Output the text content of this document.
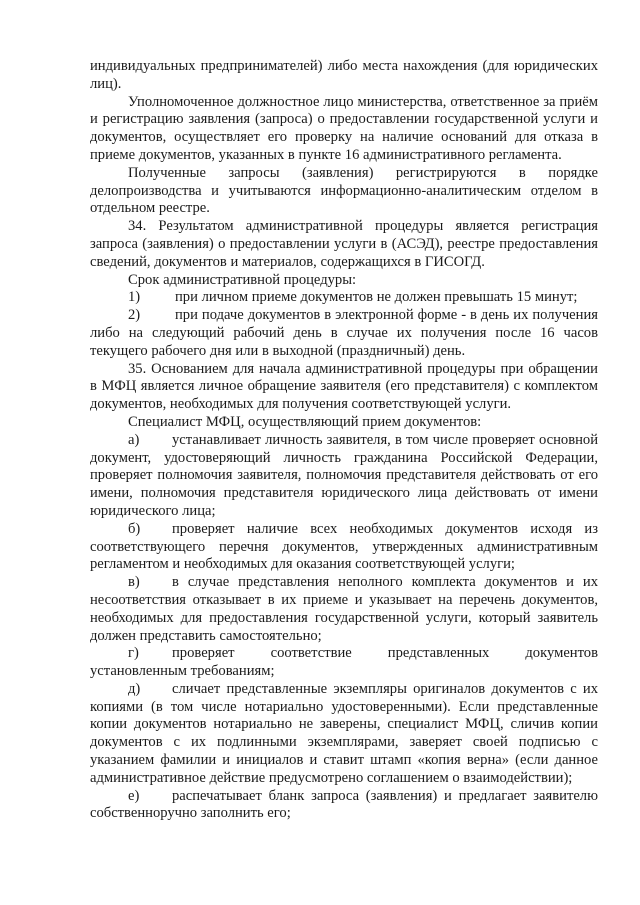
индивидуальных предпринимателей) либо места нахождения (для юридических лиц).

Уполномоченное должностное лицо министерства, ответственное за приём и регистрацию заявления (запроса) о предоставлении государственной услуги и документов, осуществляет его проверку на наличие оснований для отказа в приеме документов, указанных в пункте 16 административного регламента.

Полученные запросы (заявления) регистрируются в порядке делопроизводства и учитываются информационно-аналитическим отделом в отдельном реестре.

34. Результатом административной процедуры является регистрация запроса (заявления) о предоставлении услуги в (АСЭД), реестре предоставления сведений, документов и материалов, содержащихся в ГИСОГД.

Срок административной процедуры:

1) при личном приеме документов не должен превышать 15 минут;

2) при подаче документов в электронной форме - в день их получения либо на следующий рабочий день в случае их получения после 16 часов текущего рабочего дня или в выходной (праздничный) день.

35. Основанием для начала административной процедуры при обращении в МФЦ является личное обращение заявителя (его представителя) с комплектом документов, необходимых для получения соответствующей услуги.

Специалист МФЦ, осуществляющий прием документов:

а) устанавливает личность заявителя, в том числе проверяет основной документ, удостоверяющий личность гражданина Российской Федерации, проверяет полномочия заявителя, полномочия представителя действовать от его имени, полномочия представителя юридического лица действовать от имени юридического лица;

б) проверяет наличие всех необходимых документов исходя из соответствующего перечня документов, утвержденных административным регламентом и необходимых для оказания соответствующей услуги;

в) в случае представления неполного комплекта документов и их несоответствия отказывает в их приеме и указывает на перечень документов, необходимых для предоставления государственной услуги, который заявитель должен представить самостоятельно;

г) проверяет соответствие представленных документов установленным требованиям;

д) сличает представленные экземпляры оригиналов документов с их копиями (в том числе нотариально удостоверенными). Если представленные копии документов нотариально не заверены, специалист МФЦ, сличив копии документов с их подлинными экземплярами, заверяет своей подписью с указанием фамилии и инициалов и ставит штамп «копия верна» (если данное административное действие предусмотрено соглашением о взаимодействии);

е) распечатывает бланк запроса (заявления) и предлагает заявителю собственноручно заполнить его;
